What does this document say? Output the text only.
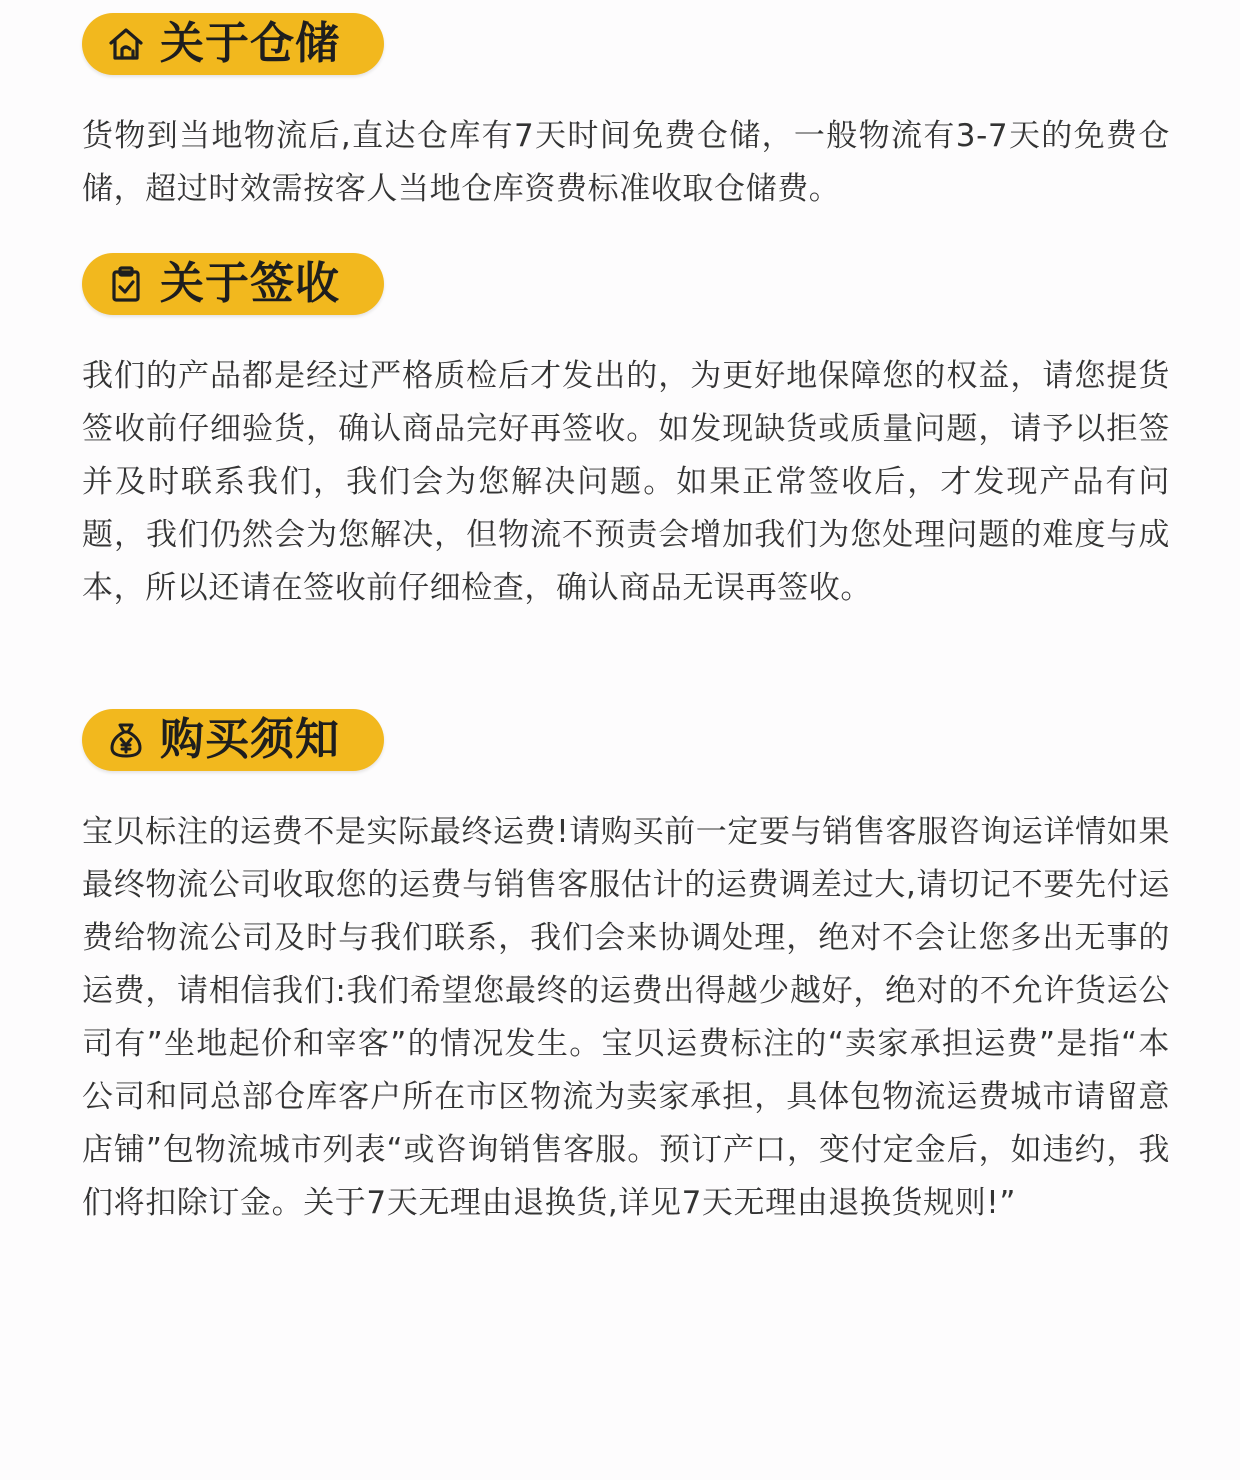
关于仓储

货物到当地物流后,直达仓库有7天时间免费仓储，一般物流有3-7天的免费仓储，超过时效需按客人当地仓库资费标准收取仓储费。

关于签收

我们的产品都是经过严格质检后才发出的，为更好地保障您的权益，请您提货签收前仔细验货，确认商品完好再签收。如发现缺货或质量问题，请予以拒签并及时联系我们，我们会为您解决问题。如果正常签收后，才发现产品有问题，我们仍然会为您解决，但物流不预责会增加我们为您处理问题的难度与成本，所以还请在签收前仔细检查，确认商品无误再签收。

购买须知

宝贝标注的运费不是实际最终运费!请购买前一定要与销售客服咨询运详情如果最终物流公司收取您的运费与销售客服估计的运费调差过大,请切记不要先付运费给物流公司及时与我们联系，我们会来协调处理，绝对不会让您多出无事的运费，请相信我们:我们希望您最终的运费出得越少越好，绝对的不允许货运公司有”坐地起价和宰客”的情况发生。宝贝运费标注的“卖家承担运费”是指“本公司和同总部仓库客户所在市区物流为卖家承担，具体包物流运费城市请留意店铺”包物流城市列表“或咨询销售客服。预订产口，变付定金后，如违约，我们将扣除订金。关于7天无理由退换货,详见7天无理由退换货规则!”
